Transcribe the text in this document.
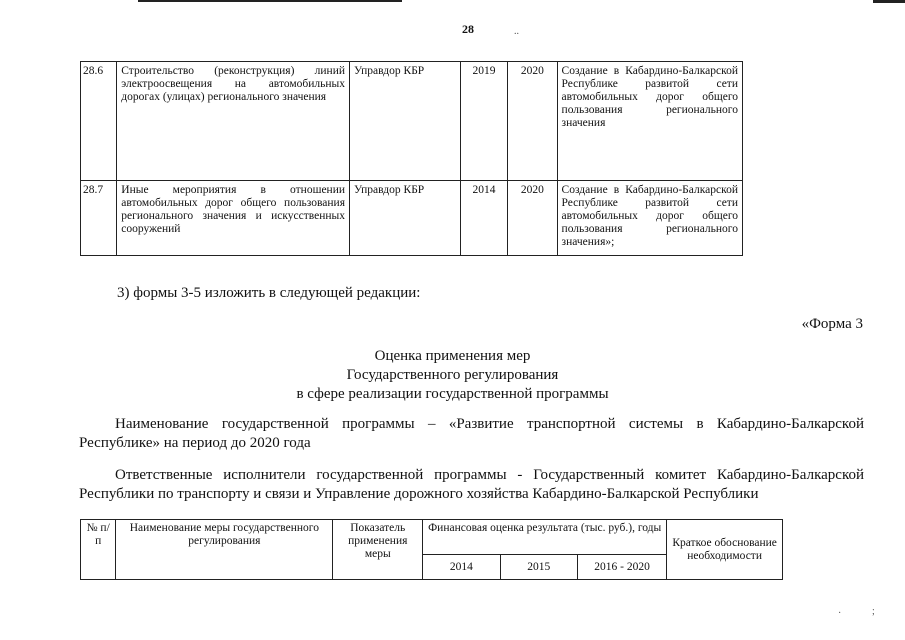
28	..
·	;
28.6	Строительство (реконструкция) линий электроосвещения на автомобильных дорогах (улицах) регионального значения	Управдор КБР	2019	2020	Создание в Кабардино-Балкарской Республике развитой сети автомобильных дорог общего пользования регионального значения
28.7	Иные мероприятия в отношении автомобильных дорог общего пользования регионального значения и искусственных сооружений	Управдор КБР	2014	2020	Создание в Кабардино-Балкарской Республике развитой сети автомобильных дорог общего пользования регионального значения»;
3) формы 3-5 изложить в следующей редакции:
«Форма 3
Оценка применения мер
Государственного регулирования
в сфере реализации государственной программы
Наименование государственной программы – «Развитие транспортной системы в Кабардино-Балкарской Республике» на период до 2020 года
Ответственные исполнители государственной программы - Государственный комитет Кабардино-Балкарской Республики по транспорту и связи и Управление дорожного хозяйства Кабардино-Балкарской Республики
№ п/п	Наименование меры государственного регулирования	Показатель применения меры	Финансовая оценка результата (тыс. руб.), годы			Краткое обоснование необходимости
			2014	2015	2016 - 2020	
